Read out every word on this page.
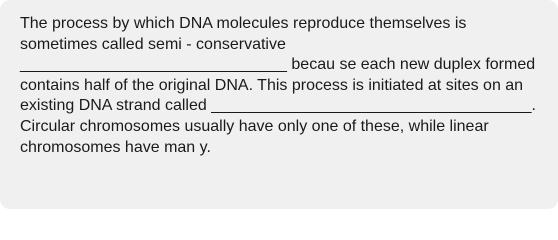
The process by which DNA molecules reproduce themselves is sometimes called semi - conservative ______________________________ becau se each new duplex formed contains half of the original DNA. This process is initiated at sites on an existing DNA strand called ____________________________________. Circular chromosomes usually have only one of these, while linear chromosomes have man y.
